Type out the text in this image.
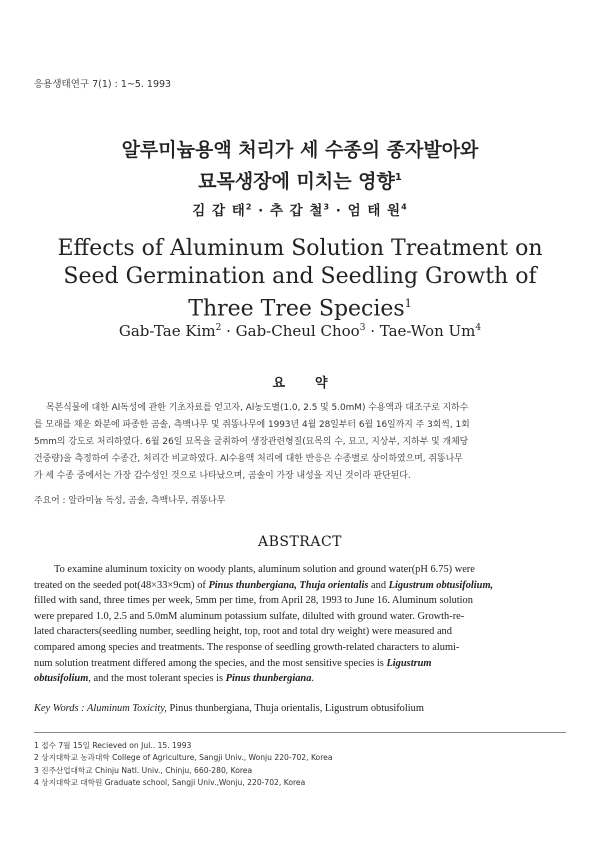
응용생태연구 7(1) : 1~5. 1993
알루미늄용액 처리가 세 수종의 종자발아와
묘목생장에 미치는 영향$^1$
김 갑 태$^2$ · 추 갑 철$^3$ · 엄 태 원$^4$
Effects of Aluminum Solution Treatment on
Seed Germination and Seedling Growth of
Three Tree Species$^1$
Gab-Tae Kim$^2$ · Gab-Cheul Choo$^3$ · Tae-Won Um$^4$
요약
목본식물에 대한 Al독성에 관한 기초자료를 얻고자, Al농도별(1.0, 2.5 및 5.0mM) 수용액과 대조구로 지하수
를 모래를 채운 화분에 파종한 곰솔, 측백나무 및 쥐똥나무에 1993년 4월 28일부터 6월 16일까지 주 3회씩, 1회
5mm의 강도로 처리하였다. 6월 26일 묘목을 굴취하여 생장관련형질(묘목의 수, 묘고, 지상부, 지하부 및 개체당
건중량)을 측정하여 수종간, 처리간 비교하였다. Al수용액 처리에 대한 반응은 수종별로 상이하였으며, 쥐똥나무
가 세 수종 중에서는 가장 감수성인 것으로 나타났으며, 곰솔이 가장 내성을 지닌 것이라 판단된다.
주요어 : 알라미늄 독성, 곰솔, 측백나무, 쥐똥나무
ABSTRACT
To examine aluminum toxicity on woody plants, aluminum solution and ground water(pH 6.75) were
treated on the seeded pot(48×33×9cm) of Pinus thunbergiana, Thuja orientalis and Ligustrum obtusifolium,
filled with sand, three times per week, 5mm per time, from April 28, 1993 to June 16. Aluminum solution
were prepared 1.0, 2.5 and 5.0mM aluminum potassium sulfate, dilulted with ground water. Growth-re-
lated characters(seedling number, seedling height, top, root and total dry weight) were measured and
compared among species and treatments. The response of seedling growth-related characters to alumi-
num solution treatment differed among the species, and the most sensitive species is Ligustrum
obtusifolium, and the most tolerant species is Pinus thunbergiana.
Key Words : Aluminum Toxicity, Pinus thunbergiana, Thuja orientalis, Ligustrum obtusifolium
1 접수 7월 15일 Recieved on Jul.. 15. 1993
2 상지대학교 농과대학 College of Agriculture, Sangji Univ., Wonju 220-702, Korea
3 진주산업대학교 Chinju Natl. Univ., Chinju, 660-280, Korea
4 상지대학교 대학원 Graduate school, Sangji Univ.,Wonju, 220-702, Korea
